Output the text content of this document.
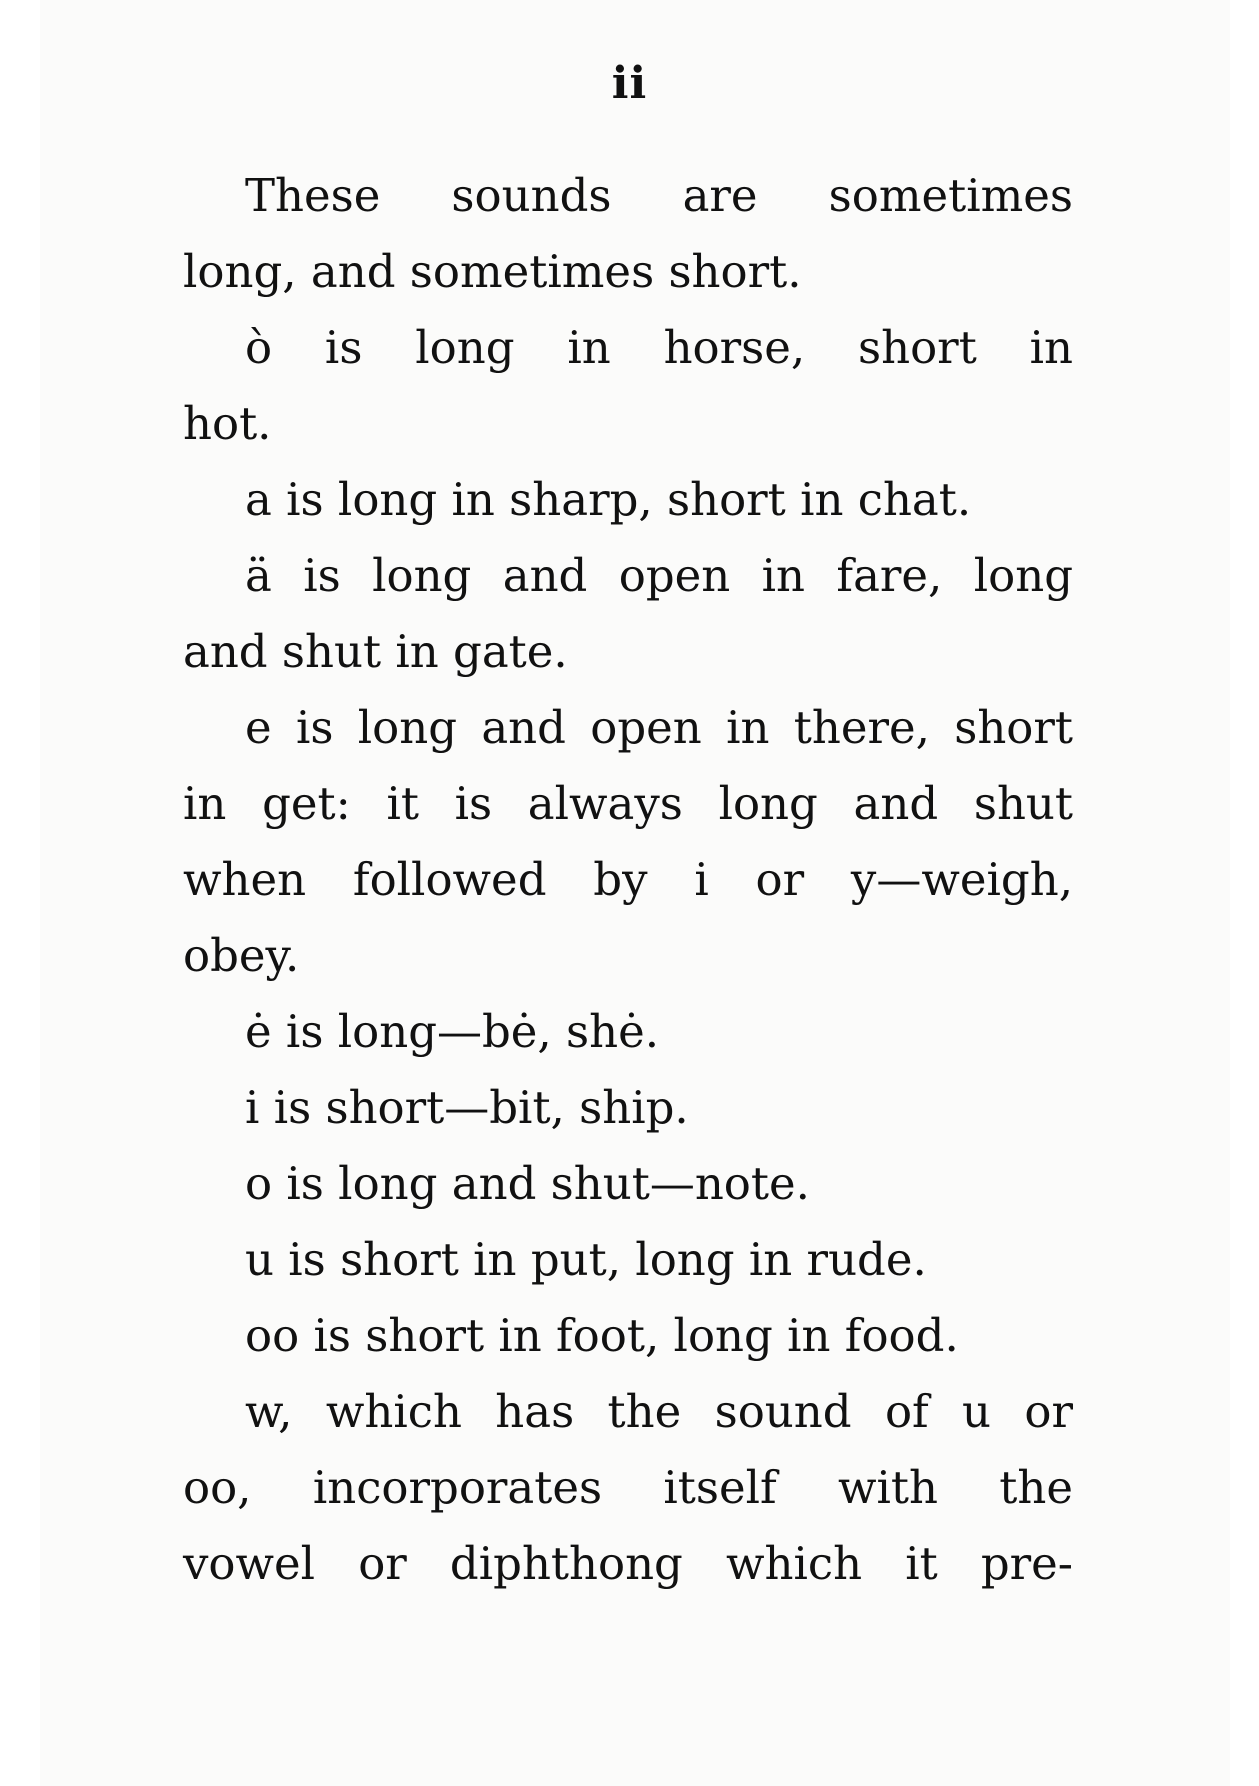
ii
These sounds are sometimes
long, and sometimes short.
ò is long in horse, short in
hot.
a is long in sharp, short in chat.
ä is long and open in fare, long
and shut in gate.
e is long and open in there, short
in get: it is always long and shut
when followed by i or y—weigh,
obey.
ė is long—bė, shė.
i is short—bit, ship.
o is long and shut—note.
u is short in put, long in rude.
oo is short in foot, long in food.
w, which has the sound of u or
oo, incorporates itself with the
vowel or diphthong which it pre-
